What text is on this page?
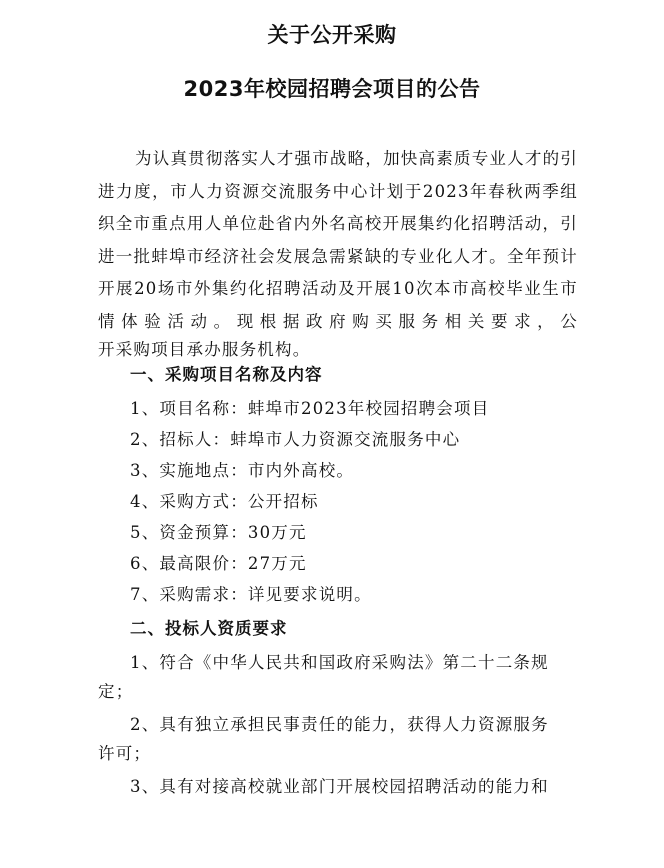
关于公开采购
2023年校园招聘会项目的公告

为认真贯彻落实人才强市战略，加快高素质专业人才的引进力度，市人力资源交流服务中心计划于2023年春秋两季组织全市重点用人单位赴省内外名高校开展集约化招聘活动，引进一批蚌埠市经济社会发展急需紧缺的专业化人才。全年预计开展20场市外集约化招聘活动及开展10次本市高校毕业生市情体验活动。现根据政府购买服务相关要求，公

开采购项目承办服务机构。

一、采购项目名称及内容
1、项目名称：蚌埠市2023年校园招聘会项目
2、招标人：蚌埠市人力资源交流服务中心
3、实施地点：市内外高校。
4、采购方式：公开招标
5、资金预算：30万元
6、最高限价：27万元
7、采购需求：详见要求说明。
二、投标人资质要求
1、符合《中华人民共和国政府采购法》第二十二条规
定；
2、具有独立承担民事责任的能力，获得人力资源服务
许可；
3、具有对接高校就业部门开展校园招聘活动的能力和
